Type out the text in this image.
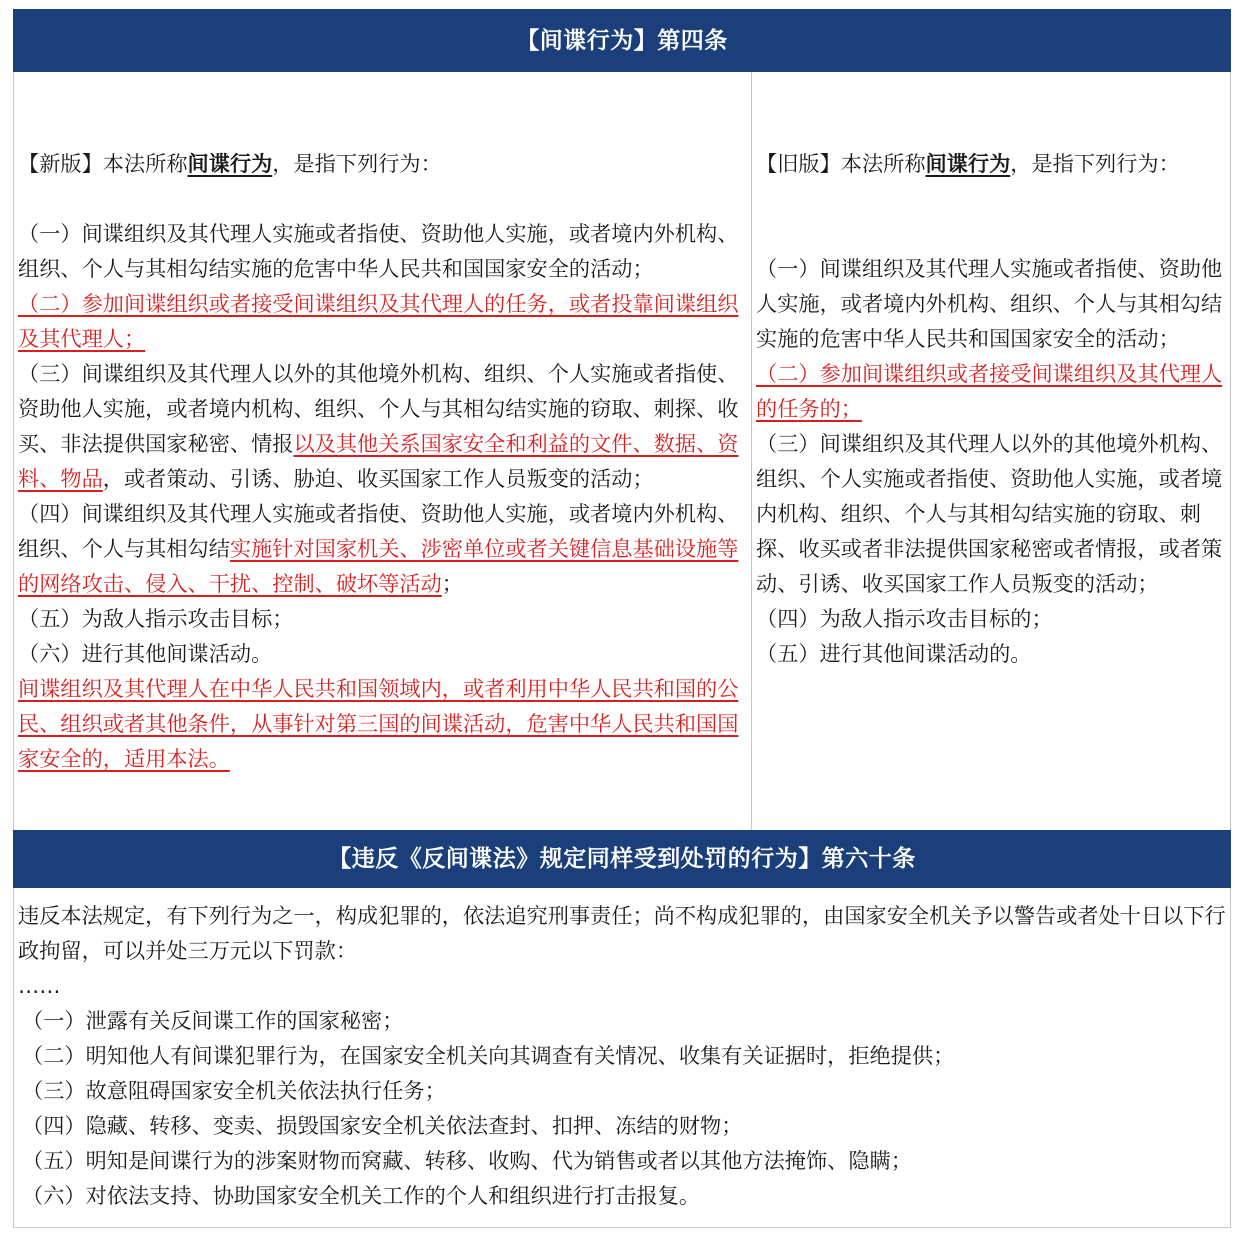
【间谍行为】第四条
【新版】本法所称间谍行为，是指下列行为：

（一）间谍组织及其代理人实施或者指使、资助他人实施，或者境内外机构、组织、个人与其相勾结实施的危害中华人民共和国国家安全的活动；

（二）参加间谍组织或者接受间谍组织及其代理人的任务，或者投靠间谍组织及其代理人；

（三）间谍组织及其代理人以外的其他境外机构、组织、个人实施或者指使、资助他人实施，或者境内机构、组织、个人与其相勾结实施的窃取、刺探、收买、非法提供国家秘密、情报以及其他关系国家安全和利益的文件、数据、资料、物品，或者策动、引诱、胁迫、收买国家工作人员叛变的活动；

（四）间谍组织及其代理人实施或者指使、资助他人实施，或者境内外机构、组织、个人与其相勾结实施针对国家机关、涉密单位或者关键信息基础设施等的网络攻击、侵入、干扰、控制、破坏等活动；

（五）为敌人指示攻击目标；

（六）进行其他间谍活动。

间谍组织及其代理人在中华人民共和国领域内，或者利用中华人民共和国的公民、组织或者其他条件，从事针对第三国的间谍活动，危害中华人民共和国国家安全的，适用本法。

【旧版】本法所称间谍行为，是指下列行为：

（一）间谍组织及其代理人实施或者指使、资助他人实施，或者境内外机构、组织、个人与其相勾结实施的危害中华人民共和国国家安全的活动；

（二）参加间谍组织或者接受间谍组织及其代理人的任务的；

（三）间谍组织及其代理人以外的其他境外机构、组织、个人实施或者指使、资助他人实施，或者境内机构、组织、个人与其相勾结实施的窃取、刺探、收买或者非法提供国家秘密或者情报，或者策动、引诱、收买国家工作人员叛变的活动；

（四）为敌人指示攻击目标的；

（五）进行其他间谍活动的。

【违反《反间谍法》规定同样受到处罚的行为】第六十条

违反本法规定，有下列行为之一，构成犯罪的，依法追究刑事责任；尚不构成犯罪的，由国家安全机关予以警告或者处十日以下行政拘留，可以并处三万元以下罚款：

……

（一）泄露有关反间谍工作的国家秘密；

（二）明知他人有间谍犯罪行为，在国家安全机关向其调查有关情况、收集有关证据时，拒绝提供；

（三）故意阻碍国家安全机关依法执行任务；

（四）隐藏、转移、变卖、损毁国家安全机关依法查封、扣押、冻结的财物；

（五）明知是间谍行为的涉案财物而窝藏、转移、收购、代为销售或者以其他方法掩饰、隐瞒；

（六）对依法支持、协助国家安全机关工作的个人和组织进行打击报复。
